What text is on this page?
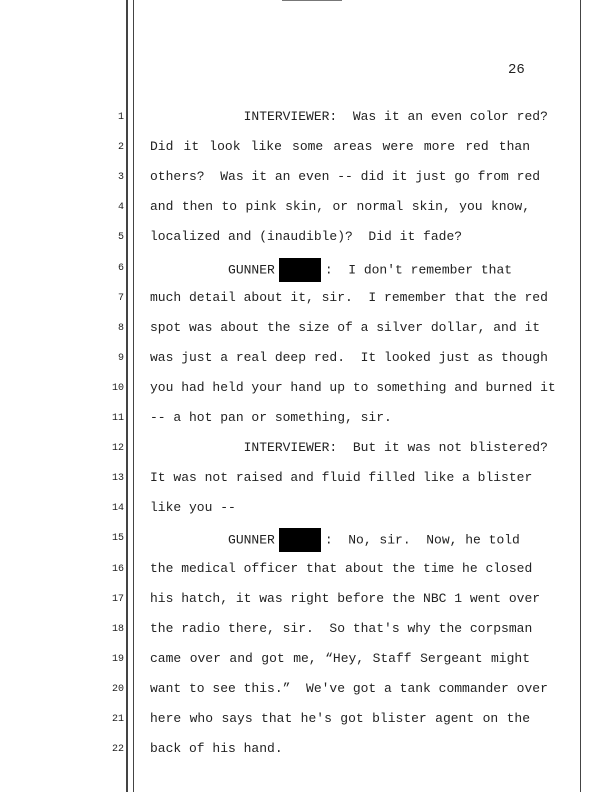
26
1 INTERVIEWER:  Was it an even color red?
2 Did it look like some areas were more red than
3 others?  Was it an even -- did it just go from red
4 and then to pink skin, or normal skin, you know,
5 localized and (inaudible)?  Did it fade?
6	GUNNER	:  I don't remember that
7 much detail about it, sir.  I remember that the red
8 spot was about the size of a silver dollar, and it
9 was just a real deep red.  It looked just as though
10 you had held your hand up to something and burned it
11 -- a hot pan or something, sir.
12 INTERVIEWER:  But it was not blistered?
13 It was not raised and fluid filled like a blister
14 like you --
15	GUNNER	:  No, sir.  Now, he told
16 the medical officer that about the time he closed
17 his hatch, it was right before the NBC 1 went over
18 the radio there, sir.  So that's why the corpsman
19 came over and got me, “Hey, Staff Sergeant might
20 want to see this.”  We've got a tank commander over
21 here who says that he's got blister agent on the
22 back of his hand.
